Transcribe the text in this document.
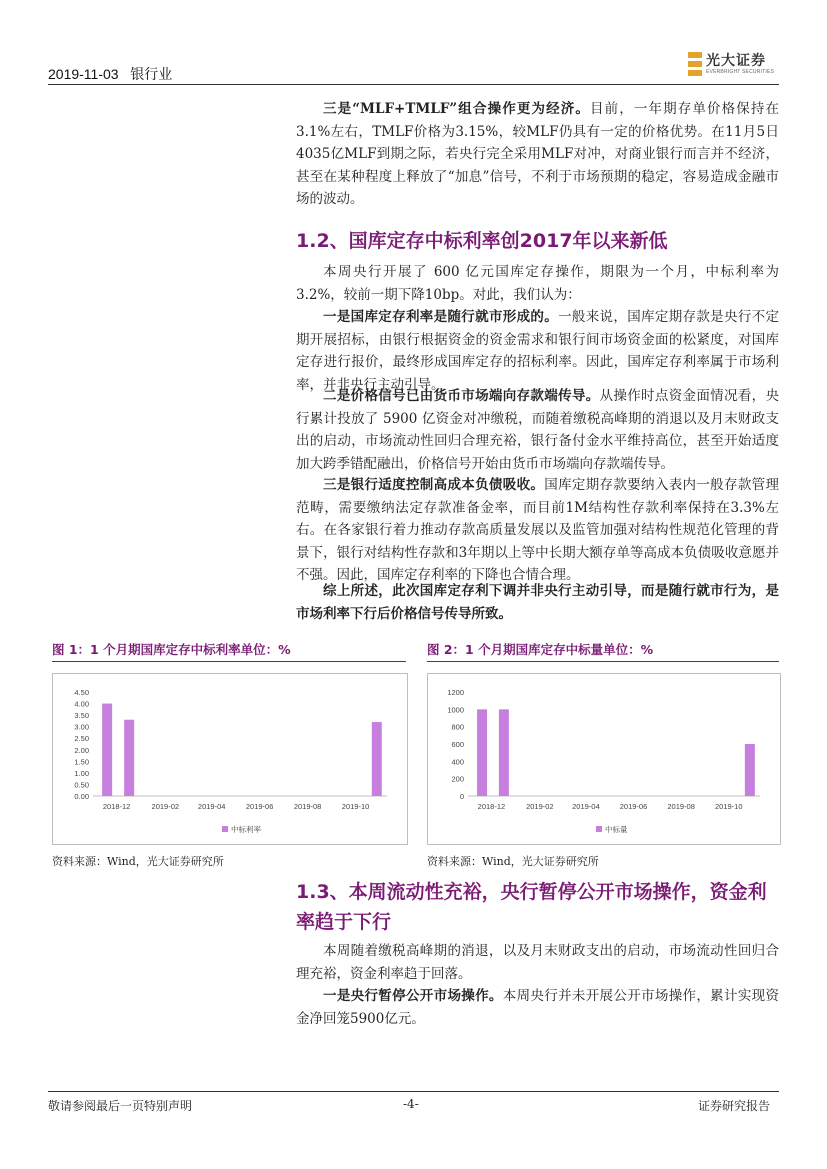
2019-11-03 银行业
光大证券
EVERBRIGHT SECURITIES
三是“MLF+TMLF”组合操作更为经济。目前，一年期存单价格保持在3.1%左右，TMLF价格为3.15%，较MLF仍具有一定的价格优势。在11月5日4035亿MLF到期之际，若央行完全采用MLF对冲，对商业银行而言并不经济，甚至在某种程度上释放了“加息”信号，不利于市场预期的稳定，容易造成金融市场的波动。
1.2、国库定存中标利率创2017年以来新低
本周央行开展了 600 亿元国库定存操作，期限为一个月，中标利率为3.2%，较前一期下降10bp。对此，我们认为：
一是国库定存利率是随行就市形成的。一般来说，国库定期存款是央行不定期开展招标，由银行根据资金的资金需求和银行间市场资金面的松紧度，对国库定存进行报价，最终形成国库定存的招标利率。因此，国库定存利率属于市场利率，并非央行主动引导。
二是价格信号已由货币市场端向存款端传导。从操作时点资金面情况看，央行累计投放了 5900 亿资金对冲缴税，而随着缴税高峰期的消退以及月末财政支出的启动，市场流动性回归合理充裕，银行备付金水平维持高位，甚至开始适度加大跨季错配融出，价格信号开始由货币市场端向存款端传导。
三是银行适度控制高成本负债吸收。国库定期存款要纳入表内一般存款管理范畴，需要缴纳法定存款准备金率，而目前1M结构性存款利率保持在3.3%左右。在各家银行着力推动存款高质量发展以及监管加强对结构性规范化管理的背景下，银行对结构性存款和3年期以上等中长期大额存单等高成本负债吸收意愿并不强。因此，国库定存利率的下降也合情合理。
综上所述，此次国库定存利下调并非央行主动引导，而是随行就市行为，是市场利率下行后价格信号传导所致。
图 1：1 个月期国库定存中标利率单位：%
0.00
0.50
1.00
1.50
2.00
2.50
3.00
3.50
4.00
4.50
2018-12	2019-02	2019-04	2019-06	2019-08	2019-10
中标利率
资料来源：Wind，光大证券研究所
图 2：1 个月期国库定存中标量单位：%
0
200
400
600
800
1000
1200
2018-12	2019-02 2019-04	2019-06	2019-08	2019-10
中标量
资料来源：Wind，光大证券研究所
1.3、本周流动性充裕，央行暂停公开市场操作，资金利率趋于下行
本周随着缴税高峰期的消退，以及月末财政支出的启动，市场流动性回归合理充裕，资金利率趋于回落。
一是央行暂停公开市场操作。本周央行并未开展公开市场操作，累计实现资金净回笼5900亿元。
敬请参阅最后一页特别声明	-4-	证券研究报告
